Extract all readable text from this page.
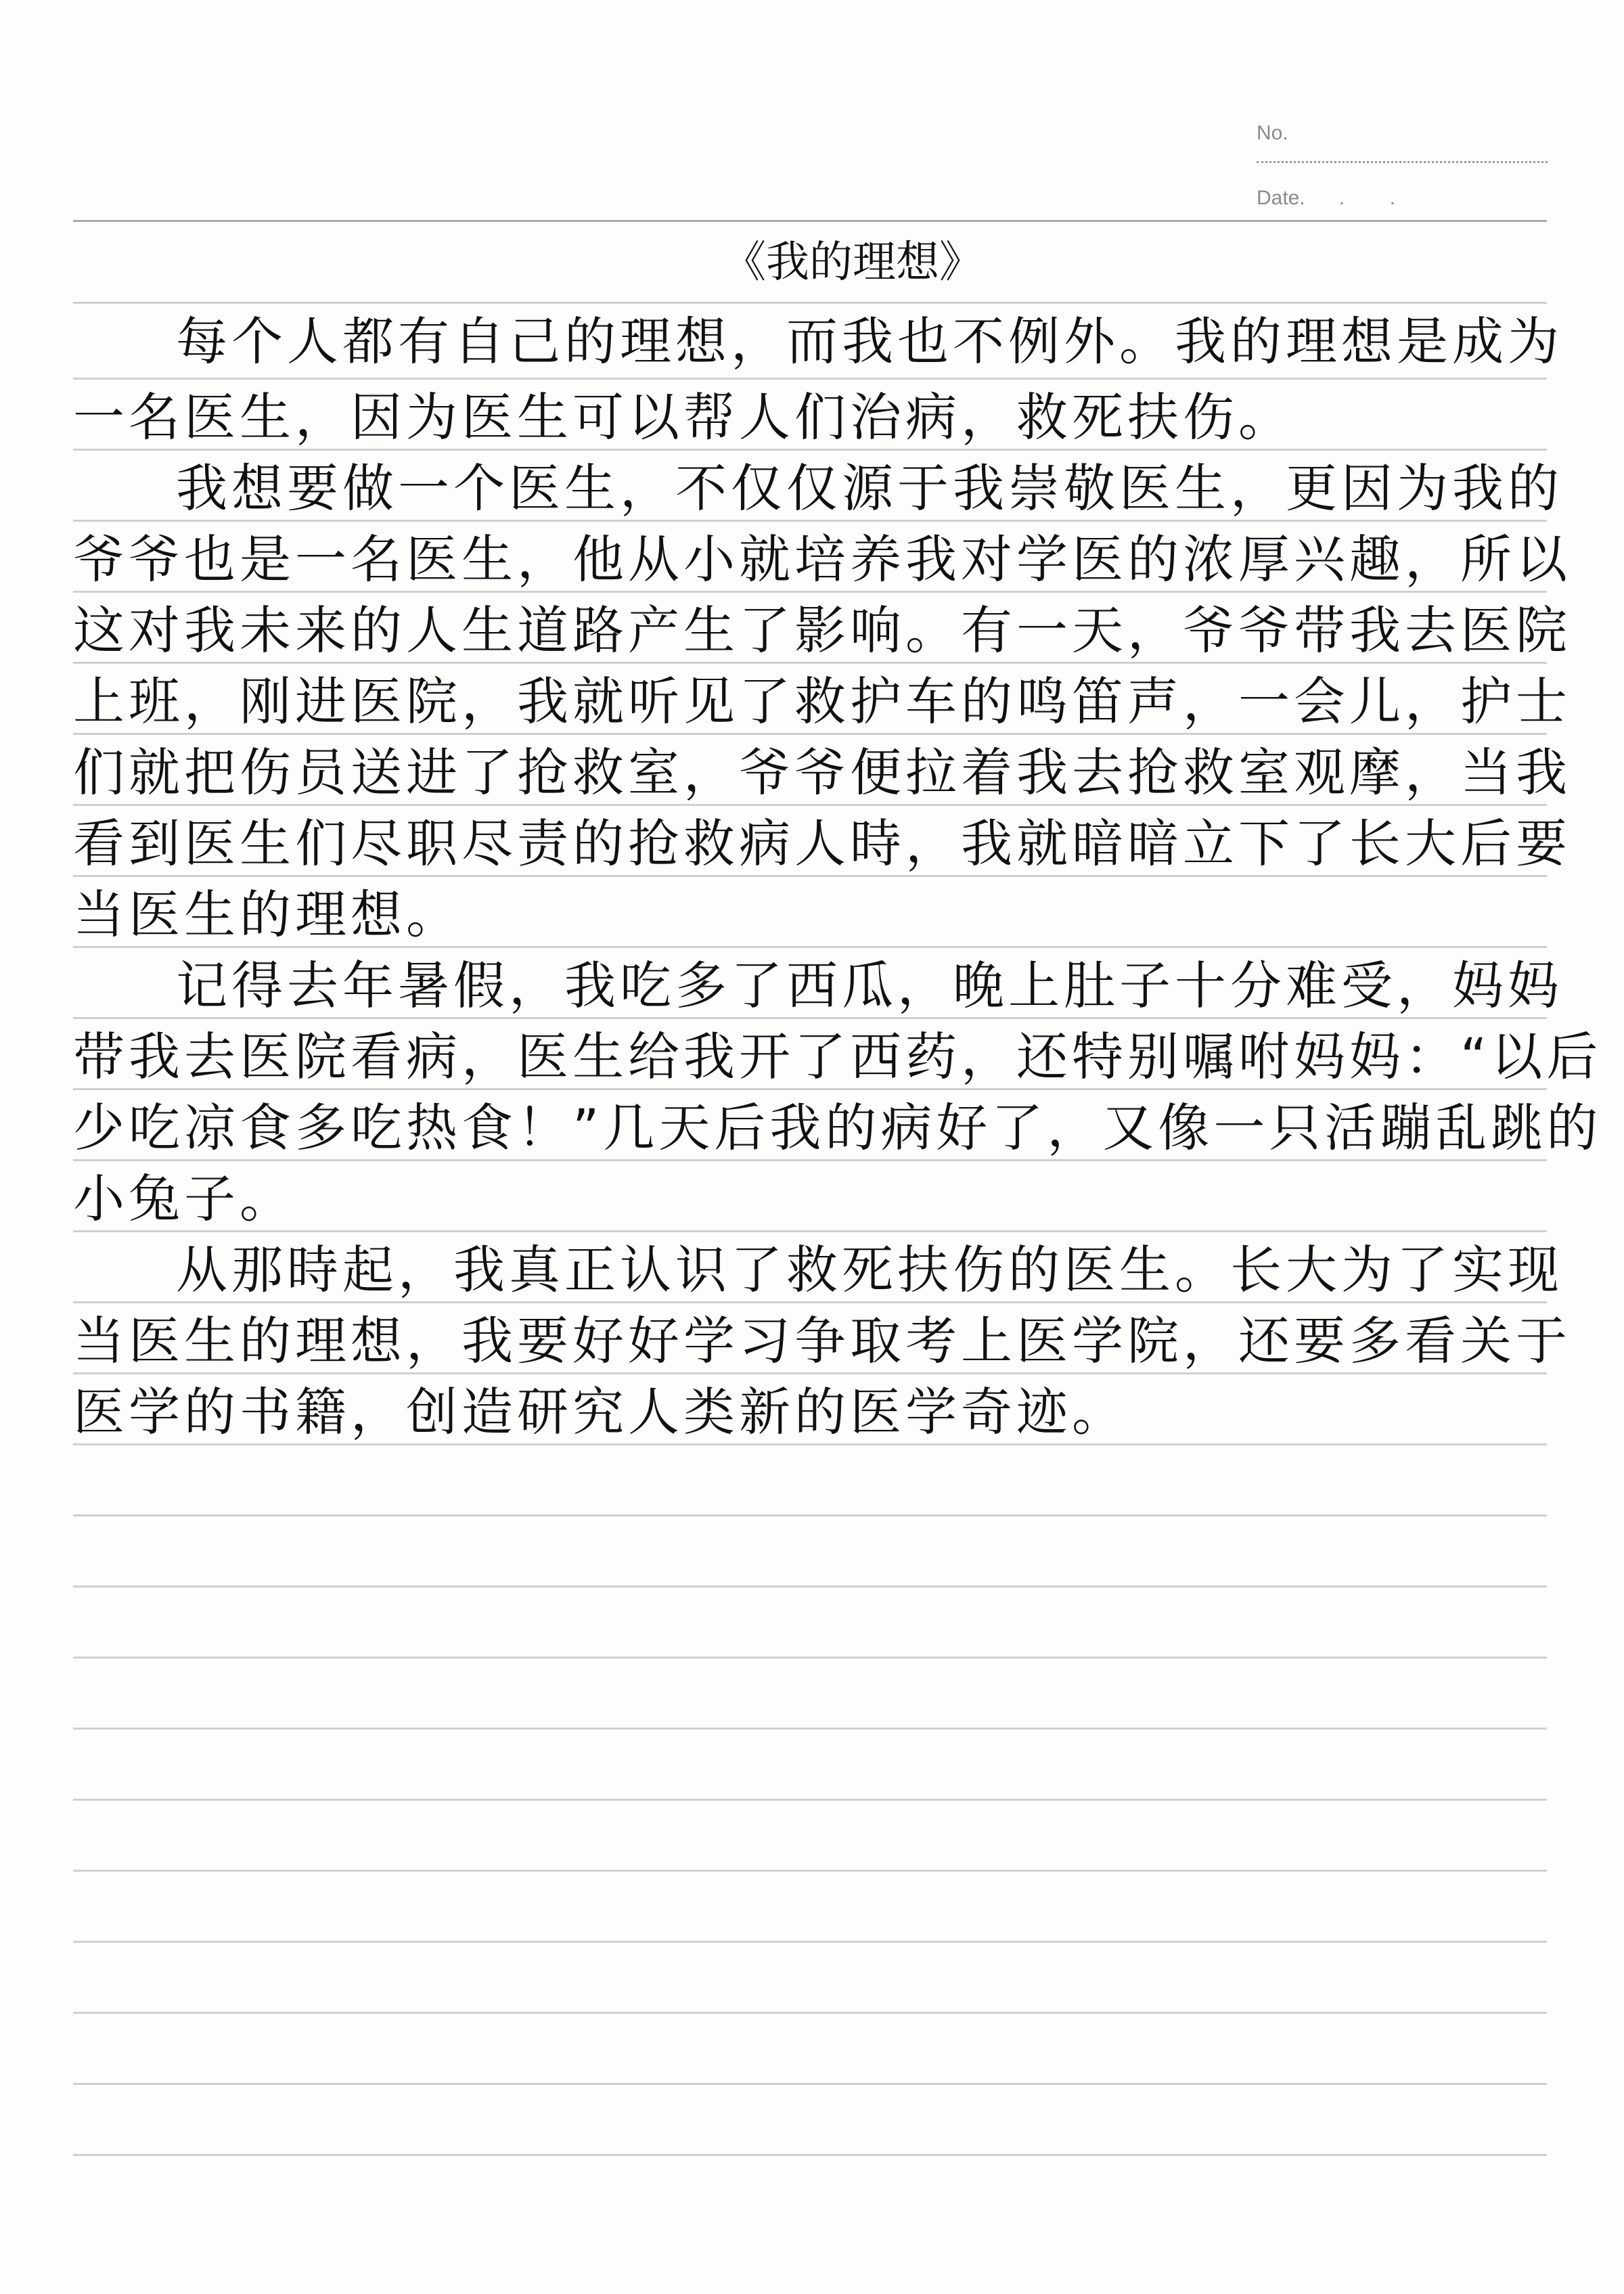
No.
Date.      .        .
《我的理想》
每个人都有自己的理想，而我也不例外。我的理想是成为
一名医生，因为医生可以帮人们治病，救死扶伤。
我想要做一个医生，不仅仅源于我崇敬医生，更因为我的
爷爷也是一名医生，他从小就培养我对学医的浓厚兴趣，所以
这对我未来的人生道路产生了影响。有一天，爷爷带我去医院
上班，刚进医院，我就听见了救护车的鸣笛声，一会儿，护士
们就把伤员送进了抢救室，爷爷便拉着我去抢救室观摩，当我
看到医生们尽职尽责的抢救病人時，我就暗暗立下了长大后要
当医生的理想。
记得去年暑假，我吃多了西瓜，晚上肚子十分难受，妈妈
带我去医院看病，医生给我开了西药，还特别嘱咐妈妈：“以后
少吃凉食多吃热食！”几天后我的病好了，又像一只活蹦乱跳的
小兔子。
从那時起，我真正认识了救死扶伤的医生。长大为了实现
当医生的理想，我要好好学习争取考上医学院，还要多看关于
医学的书籍，创造研究人类新的医学奇迹。
